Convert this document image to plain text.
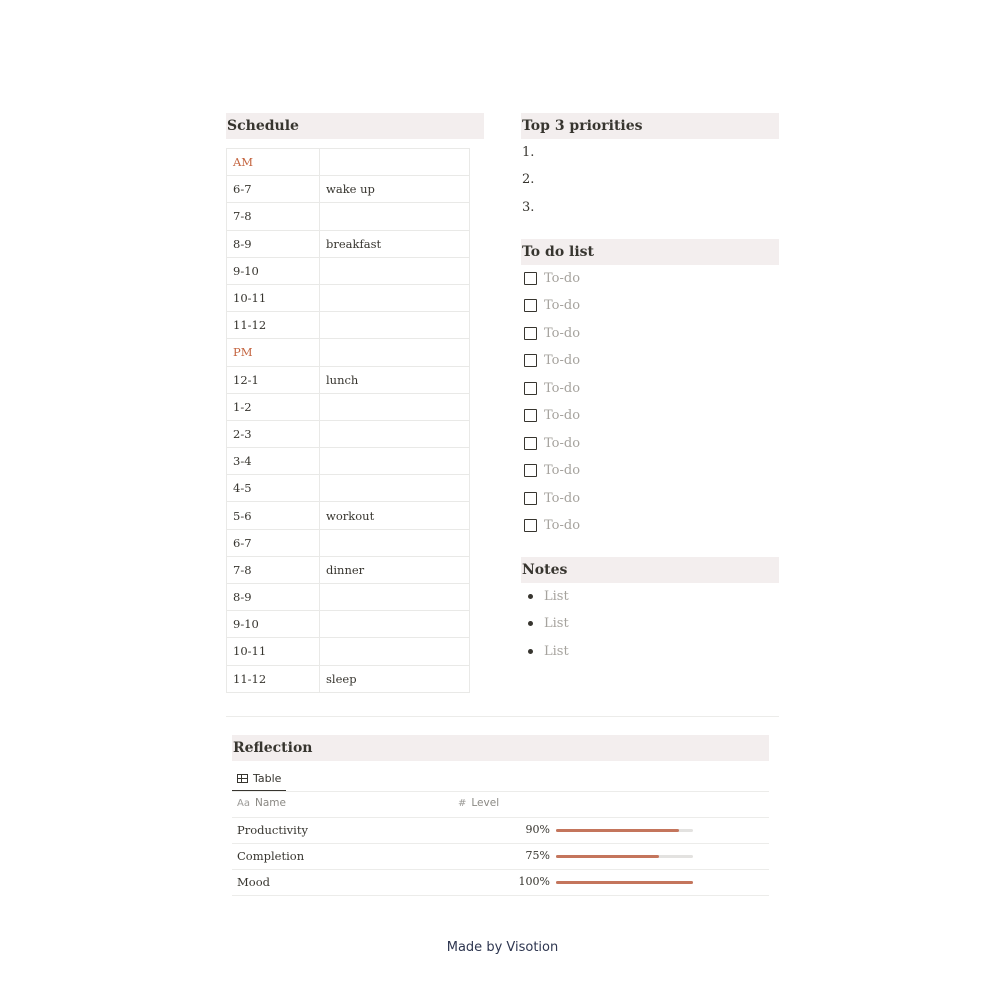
Schedule
AM	
6-7	wake up
7-8	
8-9	breakfast
9-10	
10-11	
11-12	
PM	
12-1	lunch
1-2	
2-3	
3-4	
4-5	
5-6	workout
6-7	
7-8	dinner
8-9	
9-10	
10-11	
11-12	sleep
Top 3 priorities
1.
2.
3.
To do list
To-do
To-do
To-do
To-do
To-do
To-do
To-do
To-do
To-do
To-do
Notes
List
List
List
Reflection
Table
Aa Name	# Level
Productivity	90%
Completion	75%
Mood	100%
Made by Visotion
